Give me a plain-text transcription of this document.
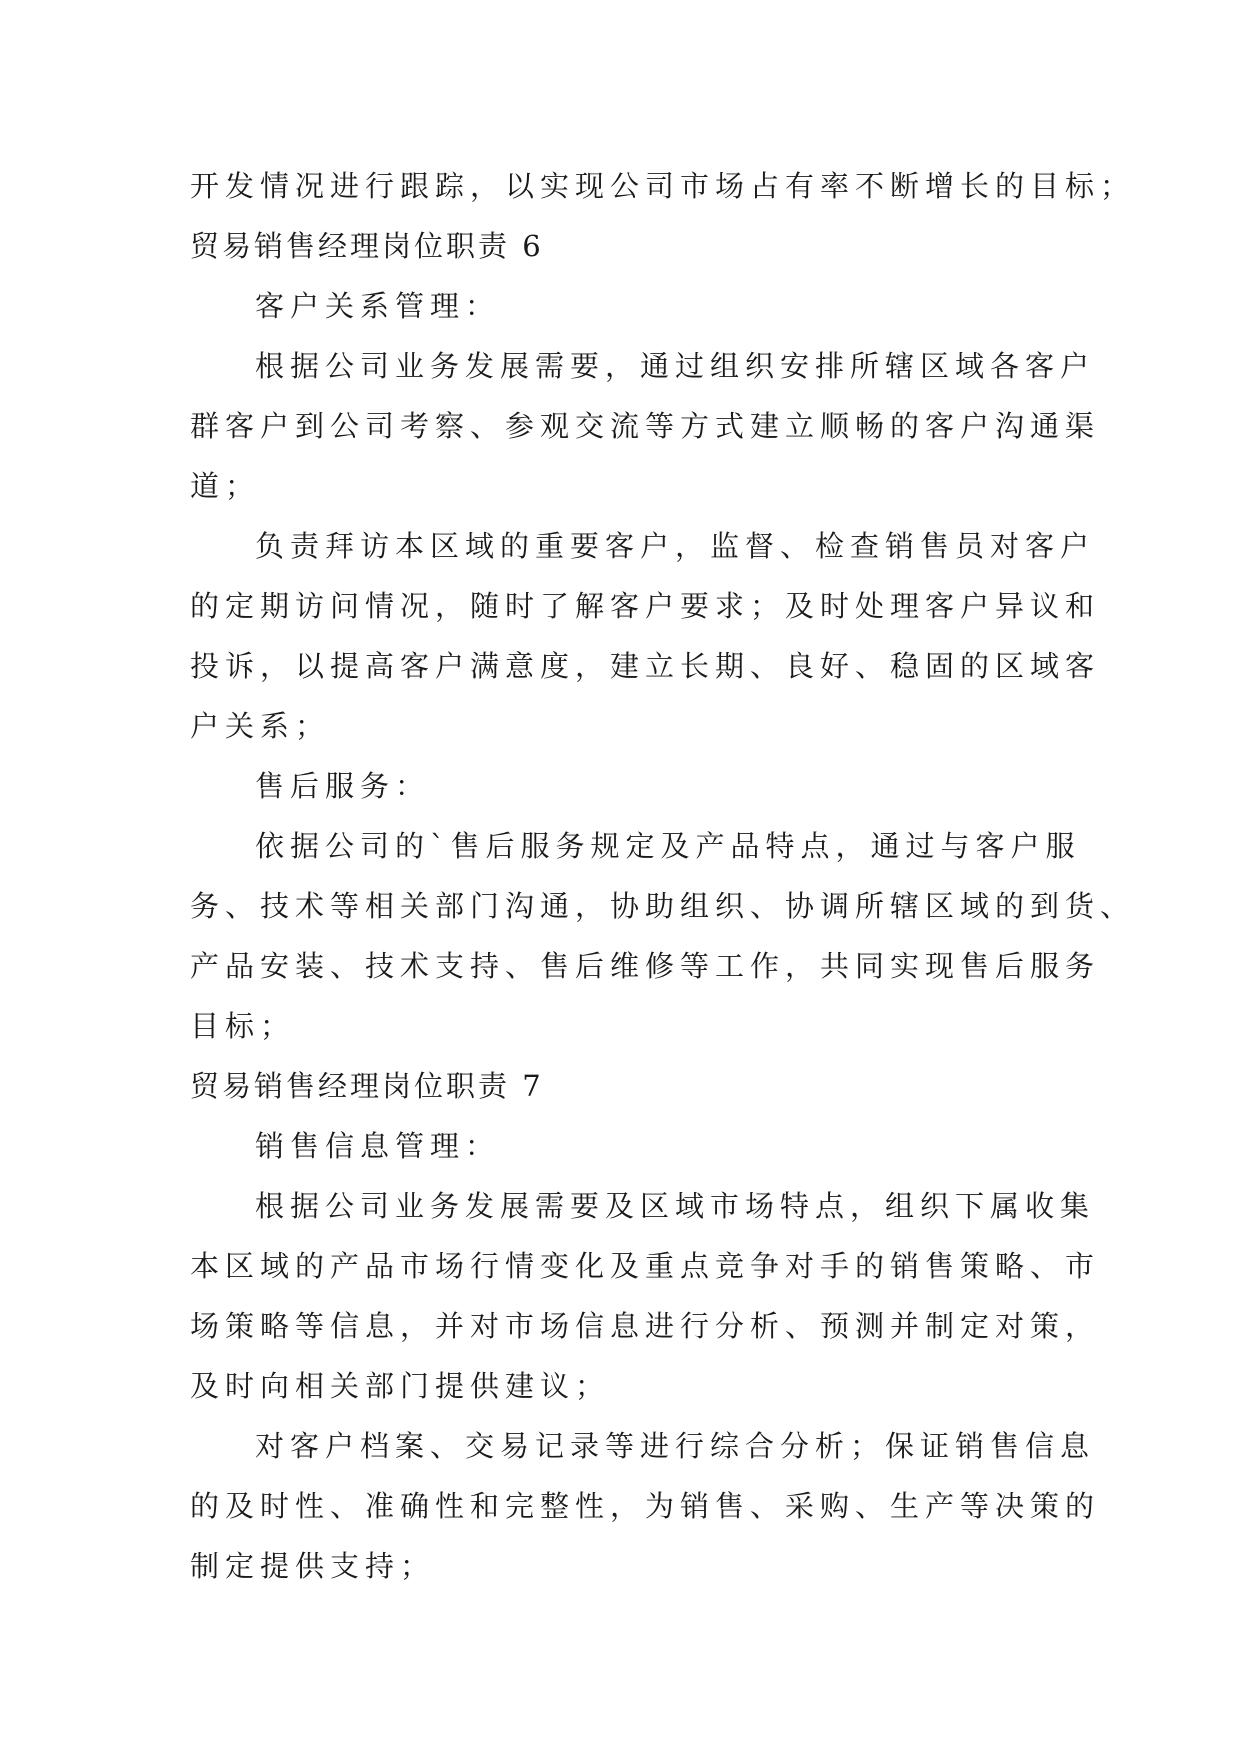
开发情况进行跟踪，以实现公司市场占有率不断增长的目标；

贸易销售经理岗位职责 6

客户关系管理：

根据公司业务发展需要，通过组织安排所辖区域各客户

群客户到公司考察、参观交流等方式建立顺畅的客户沟通渠

道；

负责拜访本区域的重要客户，监督、检查销售员对客户

的定期访问情况，随时了解客户要求；及时处理客户异议和

投诉，以提高客户满意度，建立长期、良好、稳固的区域客

户关系；

售后服务：

依据公司的`售后服务规定及产品特点，通过与客户服

务、技术等相关部门沟通，协助组织、协调所辖区域的到货、

产品安装、技术支持、售后维修等工作，共同实现售后服务

目标；

贸易销售经理岗位职责 7

销售信息管理：

根据公司业务发展需要及区域市场特点，组织下属收集

本区域的产品市场行情变化及重点竞争对手的销售策略、市

场策略等信息，并对市场信息进行分析、预测并制定对策，

及时向相关部门提供建议；

对客户档案、交易记录等进行综合分析；保证销售信息

的及时性、准确性和完整性，为销售、采购、生产等决策的

制定提供支持；
